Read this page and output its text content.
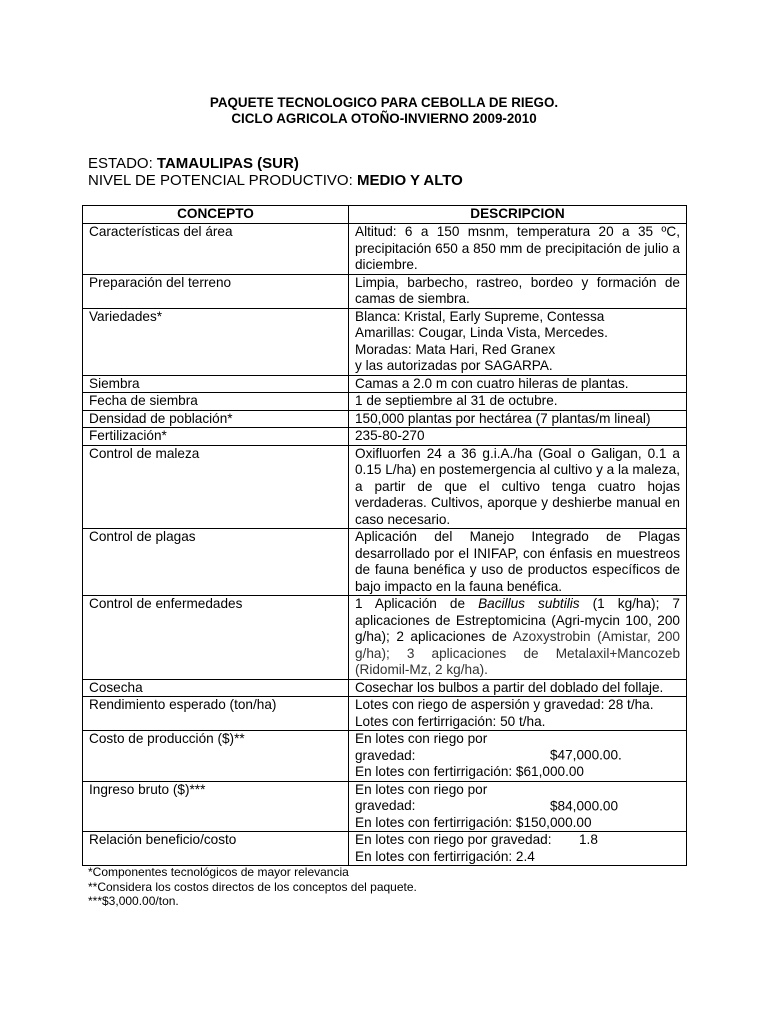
PAQUETE TECNOLOGICO PARA CEBOLLA DE RIEGO.
CICLO AGRICOLA OTOÑO-INVIERNO 2009-2010
ESTADO: TAMAULIPAS (SUR)
NIVEL DE POTENCIAL PRODUCTIVO: MEDIO Y ALTO
CONCEPTO	DESCRIPCION
Características del área	Altitud: 6 a 150 msnm, temperatura 20 a 35 ºC, precipitación 650 a 850 mm de precipitación de julio a diciembre.
Preparación del terreno	Limpia, barbecho, rastreo, bordeo y formación de camas de siembra.
Variedades*	Blanca: Kristal, Early Supreme, Contessa
Amarillas: Cougar, Linda Vista, Mercedes.
Moradas: Mata Hari, Red Granex
y las autorizadas por SAGARPA.

Siembra	Camas a 2.0 m con cuatro hileras de plantas.
Fecha de siembra	1 de septiembre al 31 de octubre.
Densidad de población*	150,000 plantas por hectárea (7 plantas/m lineal)
Fertilización*	235-80-270
Control de maleza	Oxifluorfen 24 a 36 g.i.A./ha (Goal o Galigan, 0.1 a 0.15 L/ha) en postemergencia al cultivo y a la maleza, a partir de que el cultivo tenga cuatro hojas verdaderas. Cultivos, aporque y deshierbe manual en caso necesario.
Control de plagas	Aplicación del Manejo Integrado de Plagas desarrollado por el INIFAP, con énfasis en muestreos de fauna benéfica y uso de productos específicos de bajo impacto en la fauna benéfica.
Control de enfermedades	1 Aplicación de Bacillus subtilis (1 kg/ha); 7 aplicaciones de Estreptomicina (Agri-mycin 100, 200 g/ha); 2 aplicaciones de Azoxystrobin (Amistar, 200 g/ha); 3 aplicaciones de Metalaxil+Mancozeb (Ridomil-Mz, 2 kg/ha).
Cosecha	Cosechar los bulbos a partir del doblado del follaje.
Rendimiento esperado (ton/ha)	Lotes con riego de aspersión y gravedad: 28 t/ha.
Lotes con fertirrigación: 50 t/ha.

Costo de producción ($)**	En lotes con riego por gravedad: $47,000.00.
En lotes con fertirrigación: $61,000.00

Ingreso bruto ($)***	En lotes con riego por gravedad: $84,000.00
En lotes con fertirrigación: $150,000.00

Relación beneficio/costo	En lotes con riego por gravedad: 1.8
En lotes con fertirrigación: 2.4
*Componentes tecnológicos de mayor relevancia
**Considera los costos directos de los conceptos del paquete.
***$3,000.00/ton.
